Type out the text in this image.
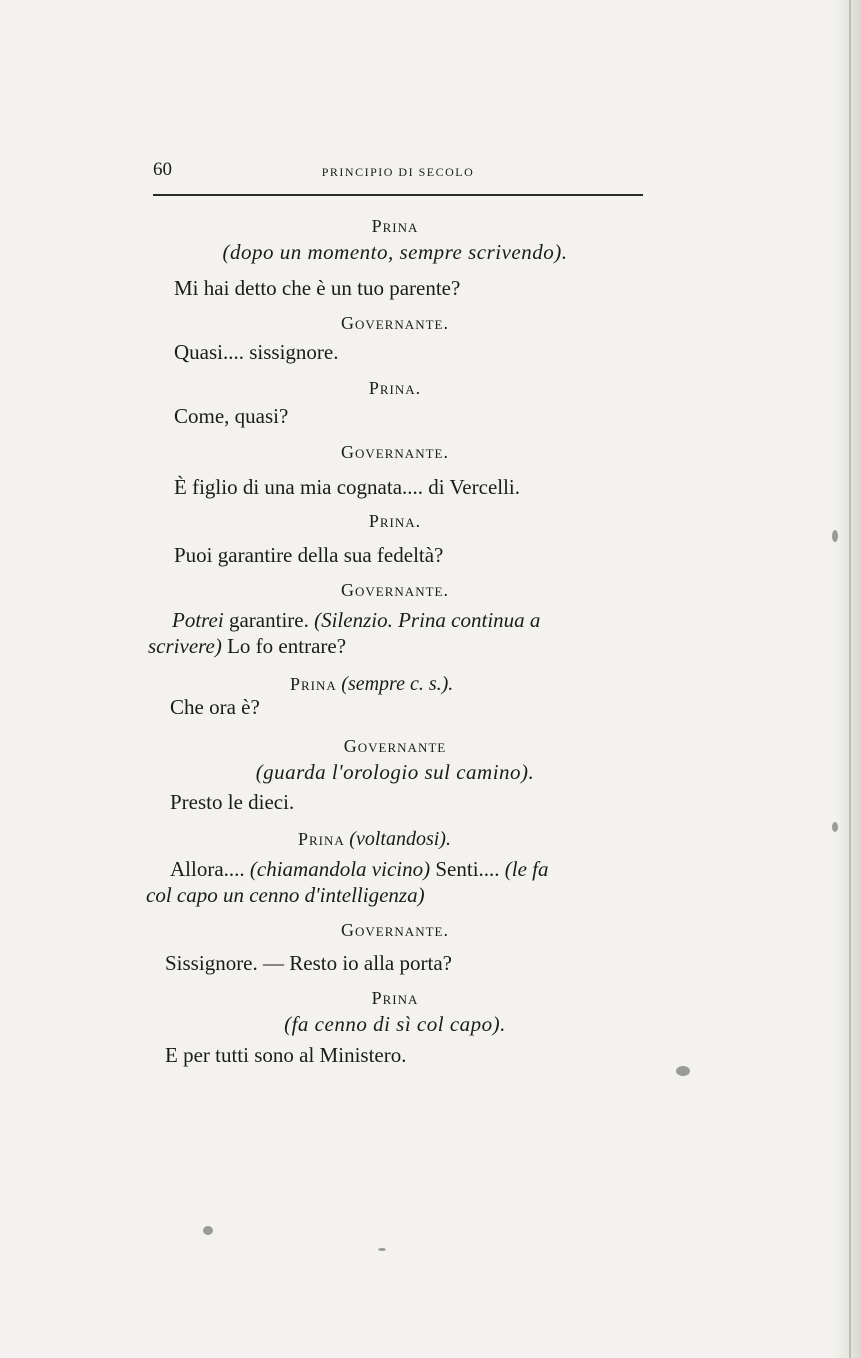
60	PRINCIPIO DI SECOLO
Prina
(dopo un momento, sempre scrivendo).
Mi hai detto che è un tuo parente?
Governante.
Quasi.... sissignore.
Prina.
Come, quasi?
Governante.
È figlio di una mia cognata.... di Vercelli.
Prina.
Puoi garantire della sua fedeltà?
Governante.
Potrei garantire. (Silenzio. Prina continua a
scrivere) Lo fo entrare?
Prina (sempre c. s.).
Che ora è?
Governante
(guarda l'orologio sul camino).
Presto le dieci.
Prina (voltandosi).
Allora.... (chiamandola vicino) Senti.... (le fa
col capo un cenno d'intelligenza)
Governante.
Sissignore. — Resto io alla porta?
Prina
(fa cenno di sì col capo).
E per tutti sono al Ministero.
